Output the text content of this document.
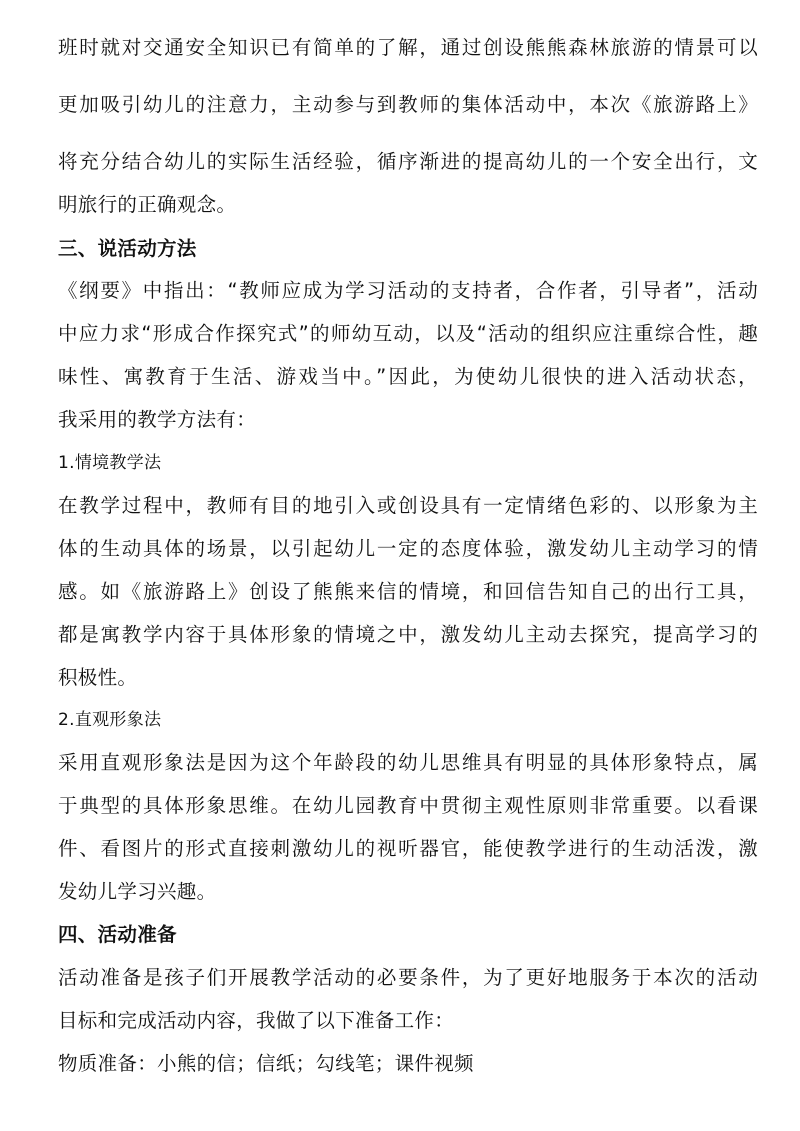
班时就对交通安全知识已有简单的了解，通过创设熊熊森林旅游的情景可以
更加吸引幼儿的注意力，主动参与到教师的集体活动中，本次《旅游路上》
将充分结合幼儿的实际生活经验，循序渐进的提高幼儿的一个安全出行，文
明旅行的正确观念。
三、说活动方法
《纲要》中指出：“教师应成为学习活动的支持者，合作者，引导者”，活动
中应力求“形成合作探究式”的师幼互动，以及“活动的组织应注重综合性，趣
味性、寓教育于生活、游戏当中。”因此，为使幼儿很快的进入活动状态，
我采用的教学方法有：
1.情境教学法
在教学过程中，教师有目的地引入或创设具有一定情绪色彩的、以形象为主
体的生动具体的场景，以引起幼儿一定的态度体验，激发幼儿主动学习的情
感。如《旅游路上》创设了熊熊来信的情境，和回信告知自己的出行工具，
都是寓教学内容于具体形象的情境之中，激发幼儿主动去探究，提高学习的
积极性。
2.直观形象法
采用直观形象法是因为这个年龄段的幼儿思维具有明显的具体形象特点，属
于典型的具体形象思维。在幼儿园教育中贯彻主观性原则非常重要。以看课
件、看图片的形式直接刺激幼儿的视听器官，能使教学进行的生动活泼，激
发幼儿学习兴趣。
四、活动准备
活动准备是孩子们开展教学活动的必要条件，为了更好地服务于本次的活动
目标和完成活动内容，我做了以下准备工作：
物质准备：小熊的信；信纸；勾线笔；课件视频
